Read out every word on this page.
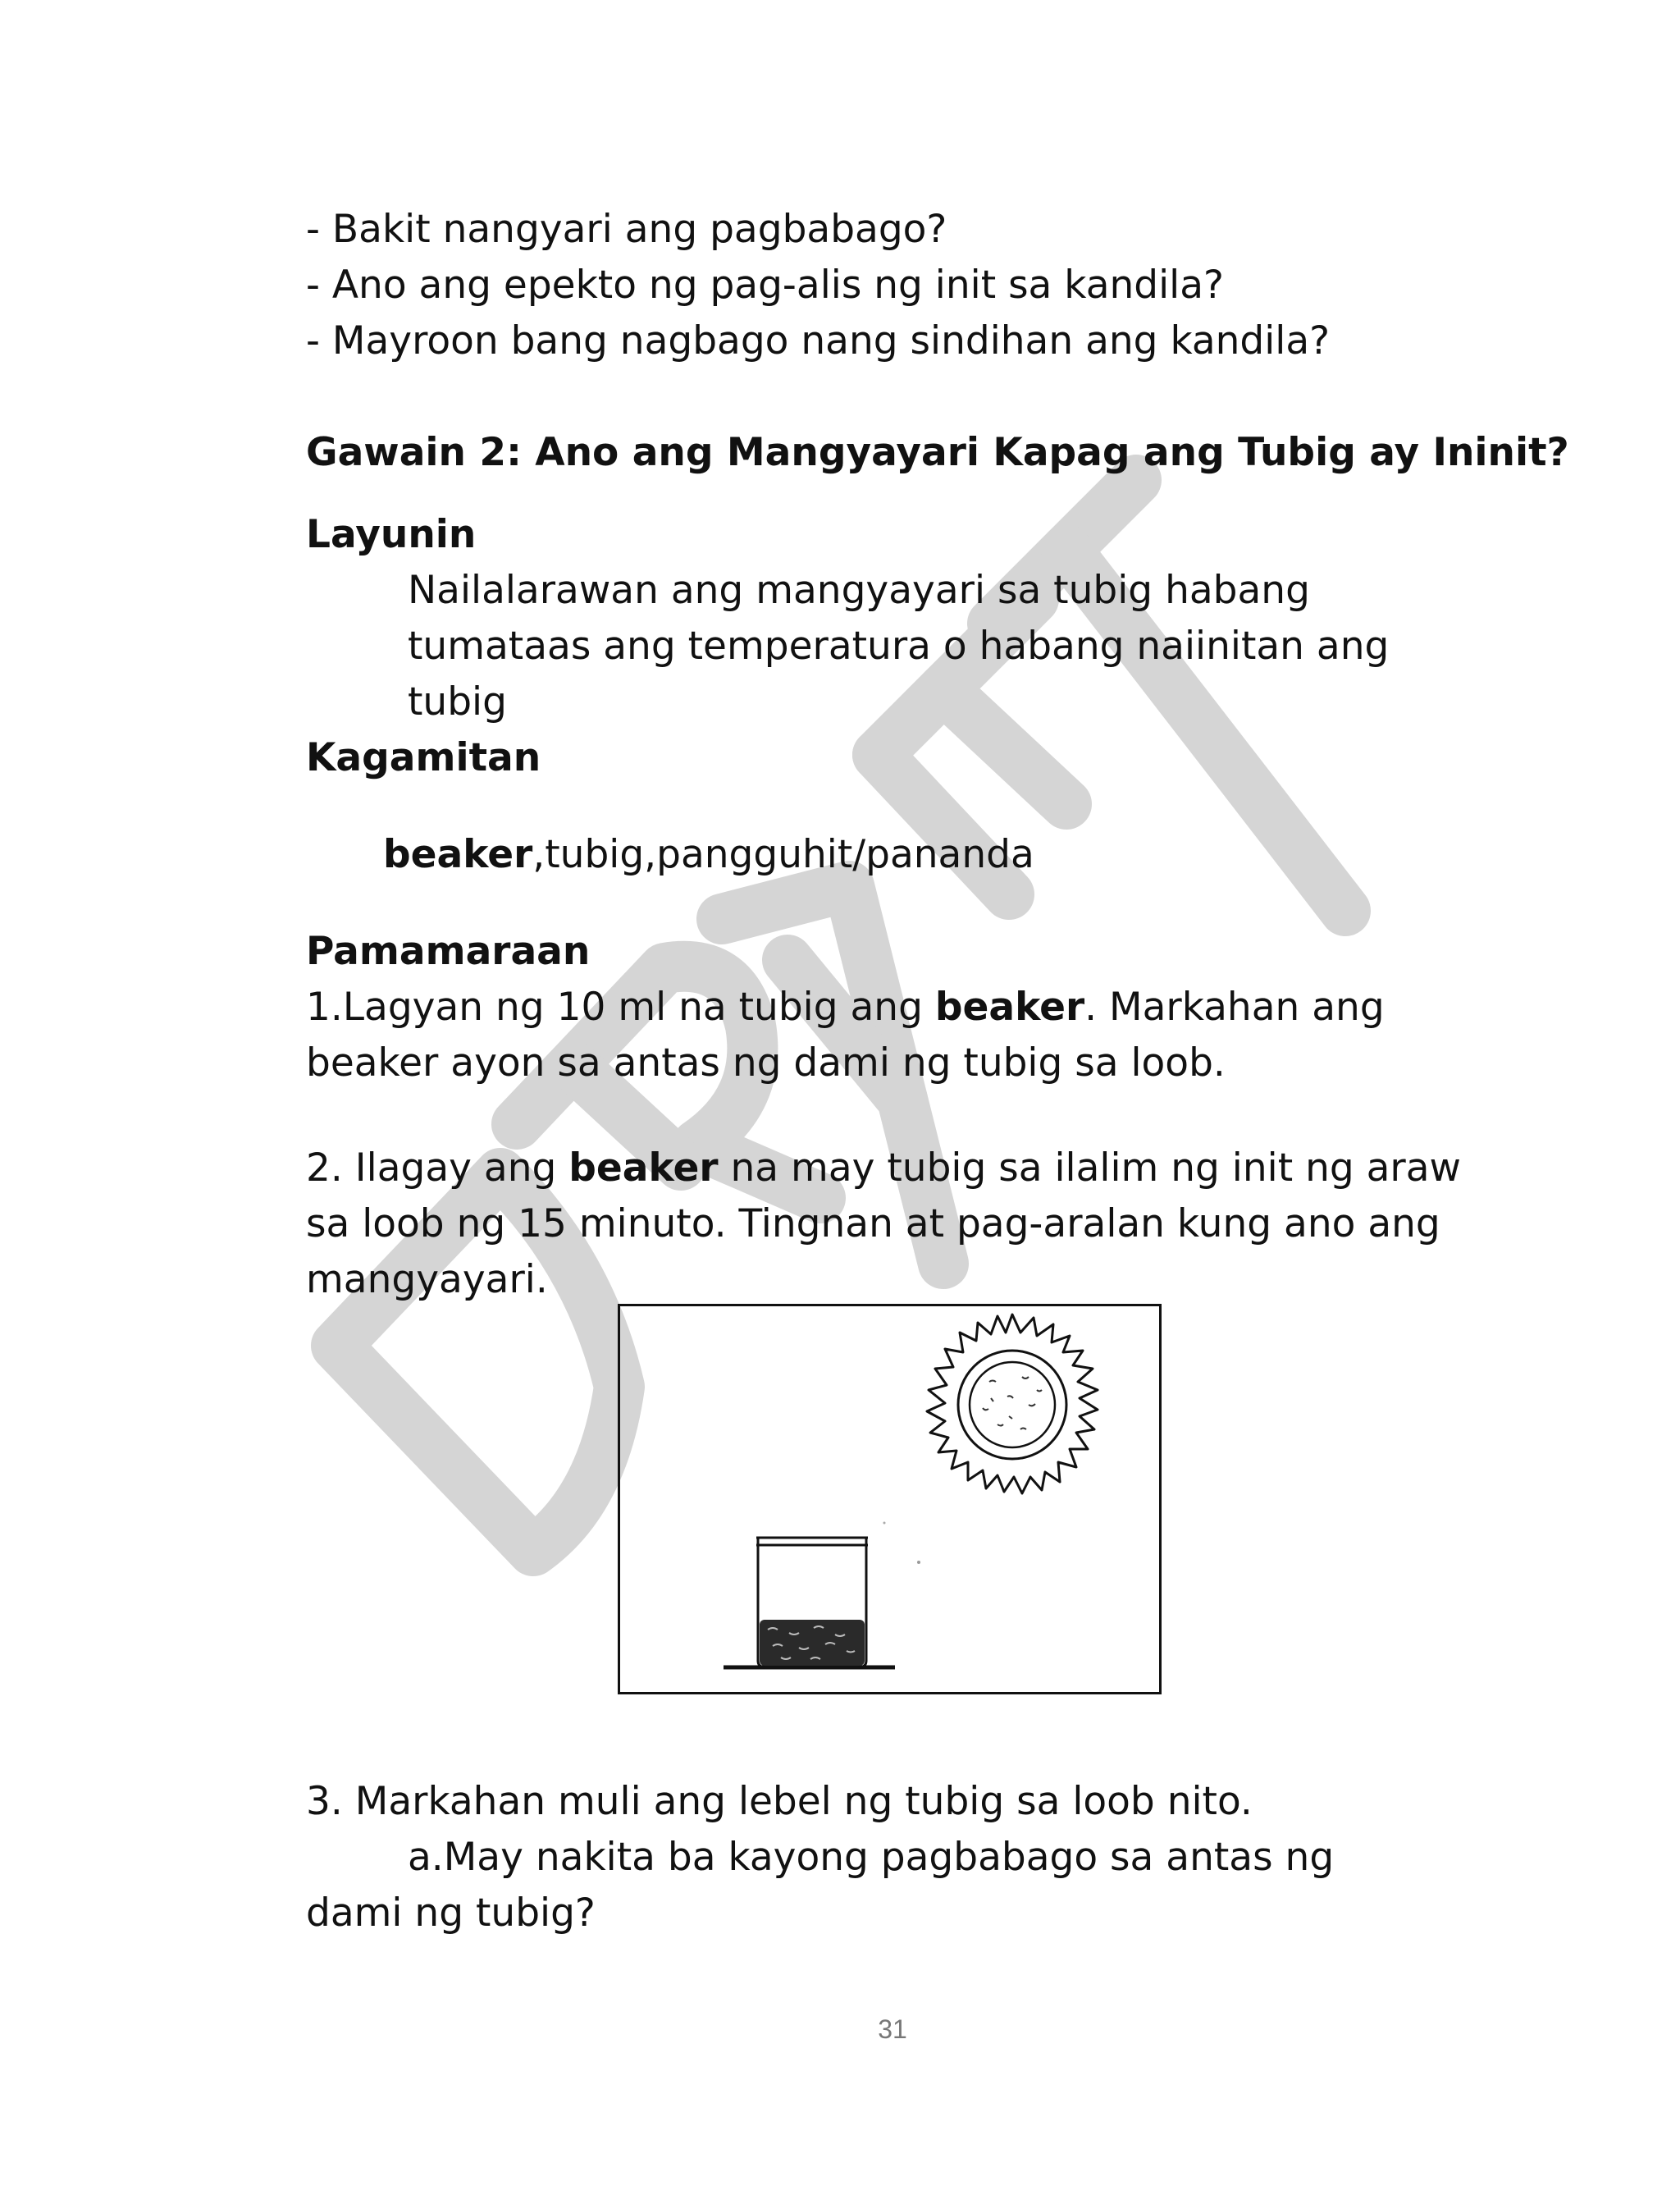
- Bakit nangyari ang pagbabago?
- Ano ang epekto ng pag-alis ng init sa kandila?
- Mayroon bang nagbago nang sindihan ang kandila?
Gawain 2: Ano ang Mangyayari Kapag ang Tubig ay Ininit?
Layunin
Nailalarawan ang mangyayari sa tubig habang
tumataas ang temperatura o habang naiinitan ang
tubig
Kagamitan
beaker,tubig,pangguhit/pananda
Pamamaraan
1.Lagyan ng 10 ml na tubig ang beaker. Markahan ang
beaker ayon sa antas ng dami ng tubig sa loob.
2. Ilagay ang beaker na may tubig sa ilalim ng init ng araw
sa loob ng 15 minuto. Tingnan at pag-aralan kung ano ang
mangyayari.
3. Markahan muli ang lebel ng tubig sa loob nito.
a.May nakita ba kayong pagbabago sa antas ng
dami ng tubig?
31
